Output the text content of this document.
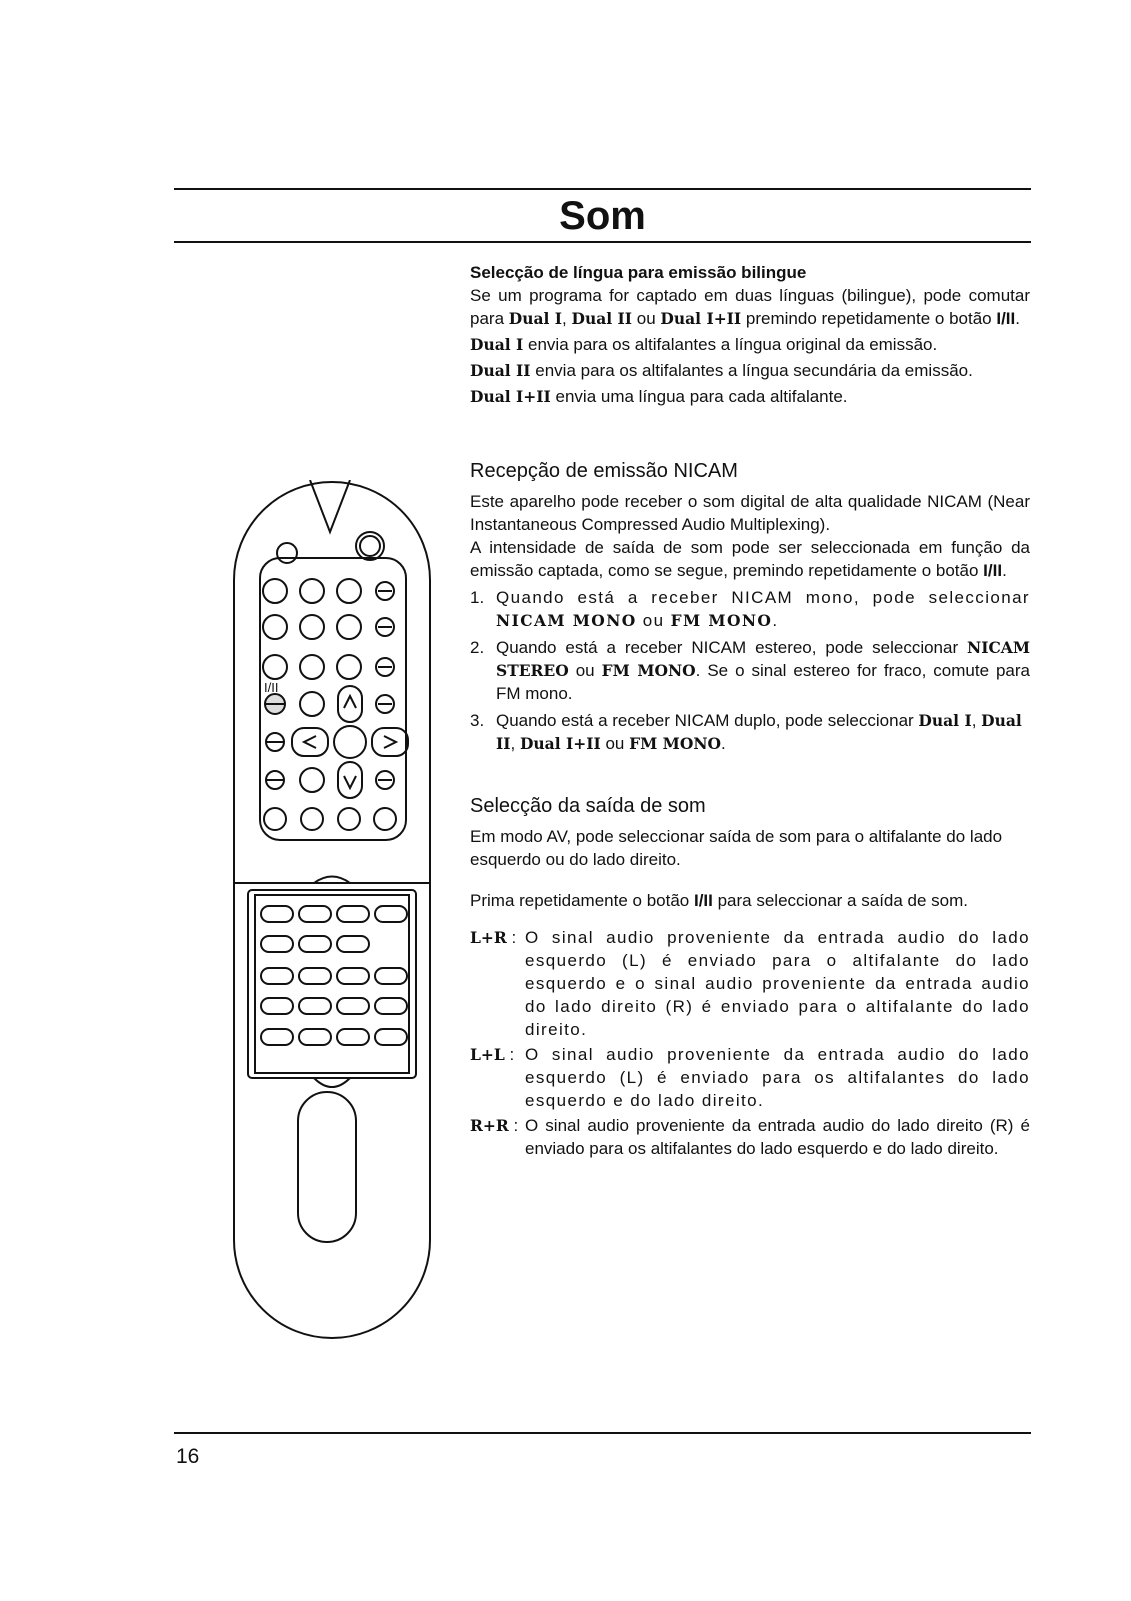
Som
I/II
Selecção de língua para emissão bilingue

Se um programa for captado em duas línguas (bilingue), pode comutar para Dual I, Dual II ou Dual I+II premindo repetidamente o botão I/II.

Dual I envia para os altifalantes a língua original da emissão.

Dual II envia para os altifalantes a língua secundária da emissão.

Dual I+II envia uma língua para cada altifalante.

Recepção de emissão NICAM

Este aparelho pode receber o som digital de alta qualidade NICAM (Near Instantaneous Compressed Audio Multiplexing).

A intensidade de saída de som pode ser seleccionada em função da emissão captada, como se segue, premindo repetidamente o botão I/II.

1. Quando está a receber NICAM mono, pode seleccionar NICAM MONO ou FM MONO.
2. Quando está a receber NICAM estereo, pode seleccionar NICAM STEREO ou FM MONO. Se o sinal estereo for fraco, comute para FM mono.
3. Quando está a receber NICAM duplo, pode seleccionar Dual I, Dual II, Dual I+II ou FM MONO.
Selecção da saída de som

Em modo AV, pode seleccionar saída de som para o altifalante do lado esquerdo ou do lado direito.

Prima repetidamente o botão I/II para seleccionar a saída de som.

L+R : O sinal audio proveniente da entrada audio do lado esquerdo (L) é enviado para o altifalante do lado esquerdo e o sinal audio proveniente da entrada audio do lado direito (R) é enviado para o altifalante do lado direito.
L+L : O sinal audio proveniente da entrada audio do lado esquerdo (L) é enviado para os altifalantes do lado esquerdo e do lado direito.
R+R : O sinal audio proveniente da entrada audio do lado direito (R) é enviado para os altifalantes do lado esquerdo e do lado direito.
16
